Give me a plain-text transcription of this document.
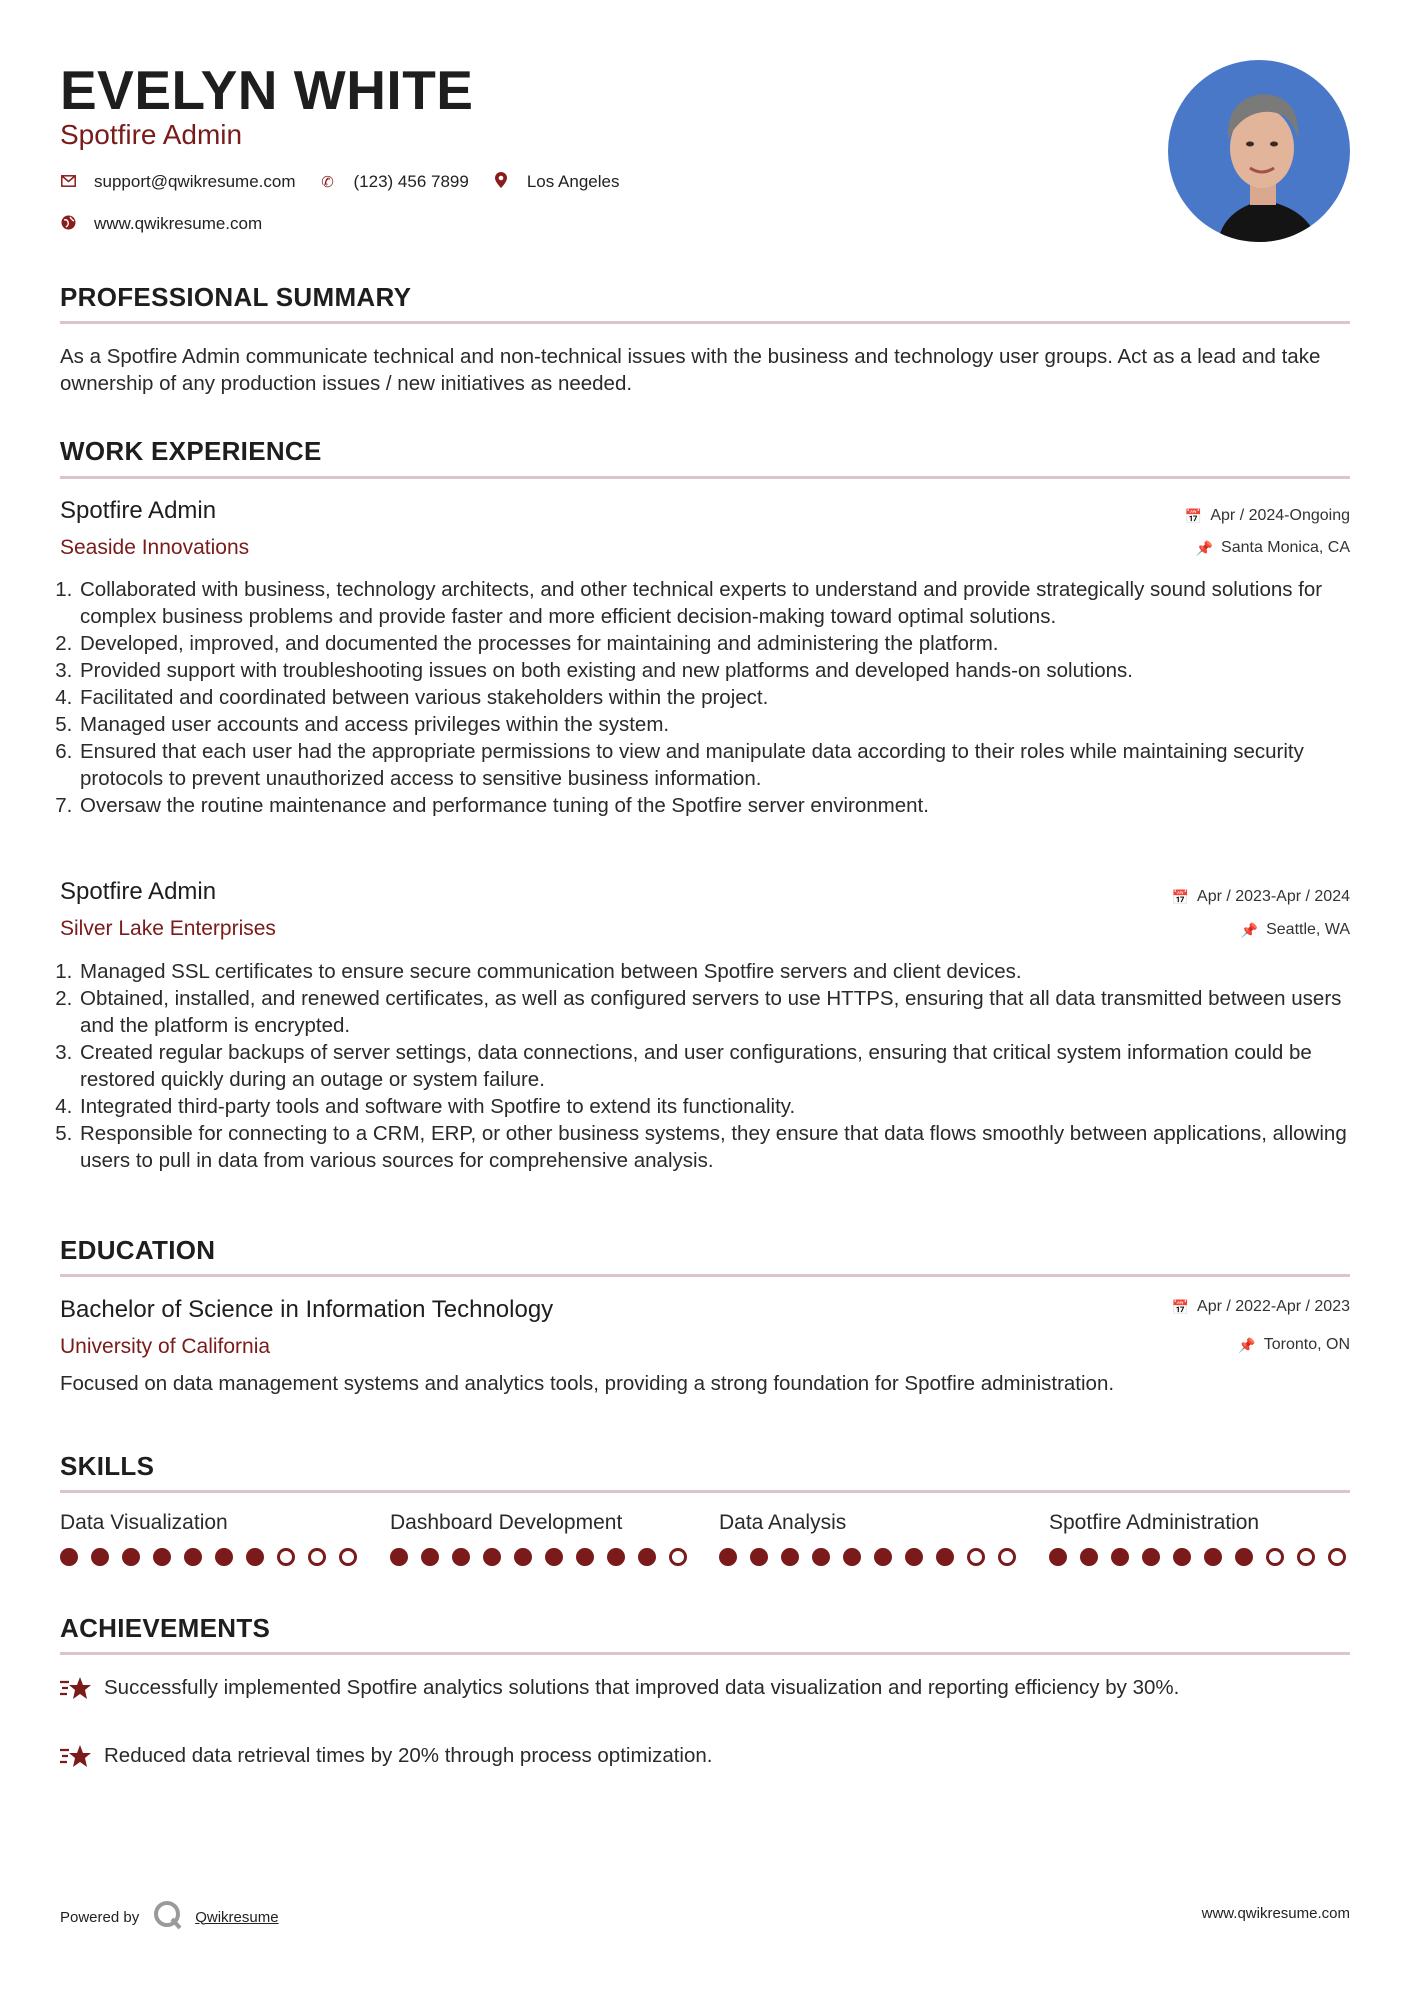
EVELYN WHITE
Spotfire Admin
support@qwikresume.com ✆ (123) 456 7899	Los Angeles
www.qwikresume.com
PROFESSIONAL SUMMARY

As a Spotfire Admin communicate technical and non-technical issues with the business and technology user groups. Act as a lead and take ownership of any production issues / new initiatives as needed.

WORK EXPERIENCE
Spotfire Admin
Seaside Innovations
📅 Apr / 2024-Ongoing
📌 Santa Monica, CA
1. Collaborated with business, technology architects, and other technical experts to understand and provide strategically sound solutions for complex business problems and provide faster and more efficient decision-making toward optimal solutions.
2. Developed, improved, and documented the processes for maintaining and administering the platform.
3. Provided support with troubleshooting issues on both existing and new platforms and developed hands-on solutions.
4. Facilitated and coordinated between various stakeholders within the project.
5. Managed user accounts and access privileges within the system.
6. Ensured that each user had the appropriate permissions to view and manipulate data according to their roles while maintaining security protocols to prevent unauthorized access to sensitive business information.
7. Oversaw the routine maintenance and performance tuning of the Spotfire server environment.
Spotfire Admin
Silver Lake Enterprises
📅 Apr / 2023-Apr / 2024
📌 Seattle, WA
1. Managed SSL certificates to ensure secure communication between Spotfire servers and client devices.
2. Obtained, installed, and renewed certificates, as well as configured servers to use HTTPS, ensuring that all data transmitted between users and the platform is encrypted.
3. Created regular backups of server settings, data connections, and user configurations, ensuring that critical system information could be restored quickly during an outage or system failure.
4. Integrated third-party tools and software with Spotfire to extend its functionality.
5. Responsible for connecting to a CRM, ERP, or other business systems, they ensure that data flows smoothly between applications, allowing users to pull in data from various sources for comprehensive analysis.
EDUCATION
Bachelor of Science in Information Technology
University of California
📅 Apr / 2022-Apr / 2023
📌 Toronto, ON

Focused on data management systems and analytics tools, providing a strong foundation for Spotfire administration.

SKILLS
Data Visualization	Dashboard Development	Data Analysis	Spotfire Administration
ACHIEVEMENTS
Successfully implemented Spotfire analytics solutions that improved data visualization and reporting efficiency by 30%.
Reduced data retrieval times by 20% through process optimization.
Powered by	Qwikresume	www.qwikresume.com
